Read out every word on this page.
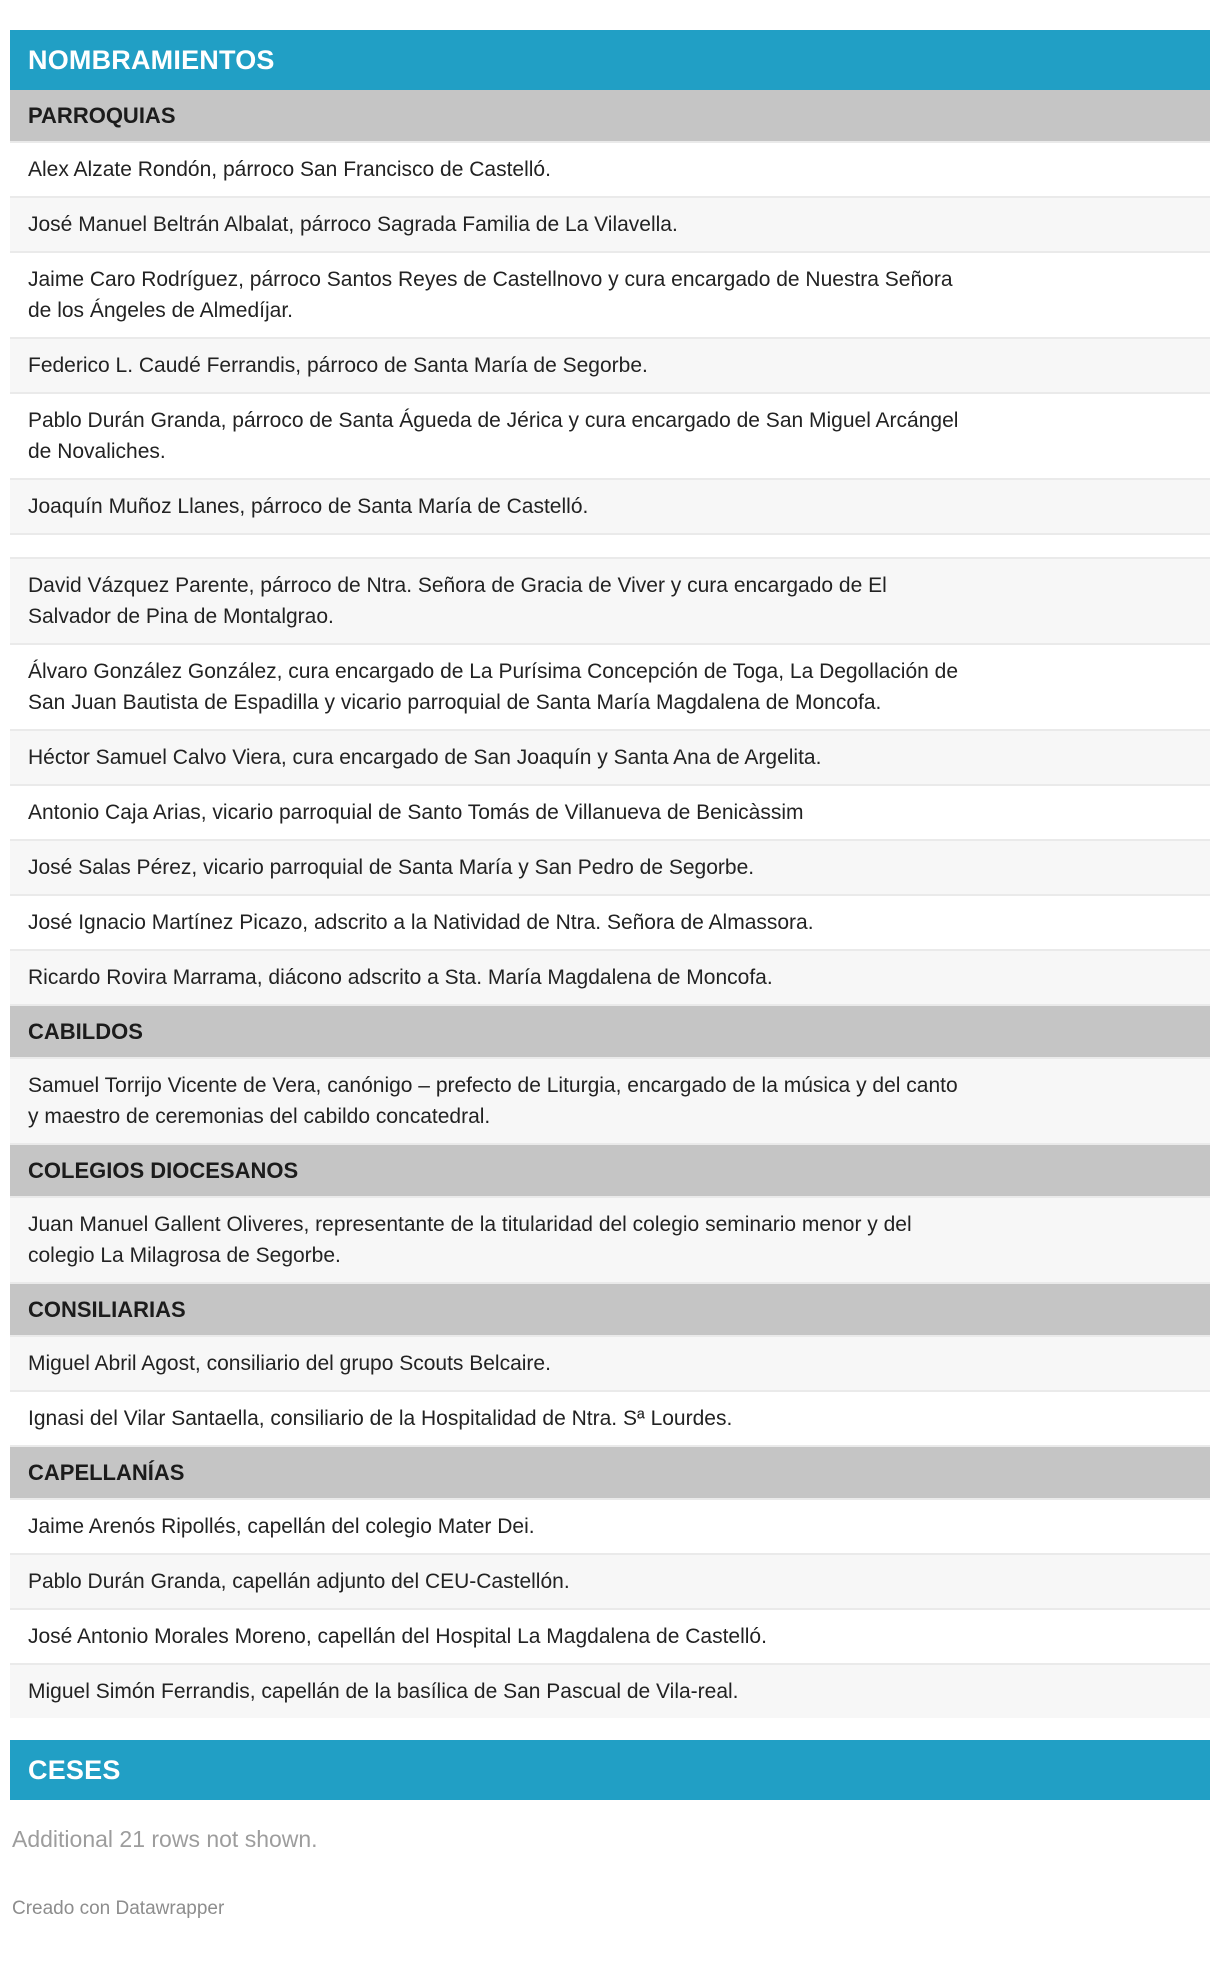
NOMBRAMIENTOS
PARROQUIAS

Alex Alzate Rondón, párroco San Francisco de Castelló.

José Manuel Beltrán Albalat, párroco Sagrada Familia de La Vilavella.

Jaime Caro Rodríguez, párroco Santos Reyes de Castellnovo y cura encargado de Nuestra Señora de los Ángeles de Almedíjar.

Federico L. Caudé Ferrandis, párroco de Santa María de Segorbe.

Pablo Durán Granda, párroco de Santa Águeda de Jérica y cura encargado de San Miguel Arcángel de Novaliches.

Joaquín Muñoz Llanes, párroco de Santa María de Castelló.

David Vázquez Parente, párroco de Ntra. Señora de Gracia de Viver y cura encargado de El Salvador de Pina de Montalgrao.

Álvaro González González, cura encargado de La Purísima Concepción de Toga, La Degollación de San Juan Bautista de Espadilla y vicario parroquial de Santa María Magdalena de Moncofa.

Héctor Samuel Calvo Viera, cura encargado de San Joaquín y Santa Ana de Argelita.

Antonio Caja Arias, vicario parroquial de Santo Tomás de Villanueva de Benicàssim

José Salas Pérez, vicario parroquial de Santa María y San Pedro de Segorbe.

José Ignacio Martínez Picazo, adscrito a la Natividad de Ntra. Señora de Almassora.

Ricardo Rovira Marrama, diácono adscrito a Sta. María Magdalena de Moncofa.

CABILDOS

Samuel Torrijo Vicente de Vera, canónigo – prefecto de Liturgia, encargado de la música y del canto y maestro de ceremonias del cabildo concatedral.

COLEGIOS DIOCESANOS

Juan Manuel Gallent Oliveres, representante de la titularidad del colegio seminario menor y del colegio La Milagrosa de Segorbe.

CONSILIARIAS

Miguel Abril Agost, consiliario del grupo Scouts Belcaire.

Ignasi del Vilar Santaella, consiliario de la Hospitalidad de Ntra. Sª Lourdes.

CAPELLANÍAS

Jaime Arenós Ripollés, capellán del colegio Mater Dei.

Pablo Durán Granda, capellán adjunto del CEU-Castellón.

José Antonio Morales Moreno, capellán del Hospital La Magdalena de Castelló.

Miguel Simón Ferrandis, capellán de la basílica de San Pascual de Vila-real.
CESES
Additional 21 rows not shown.
Creado con Datawrapper
